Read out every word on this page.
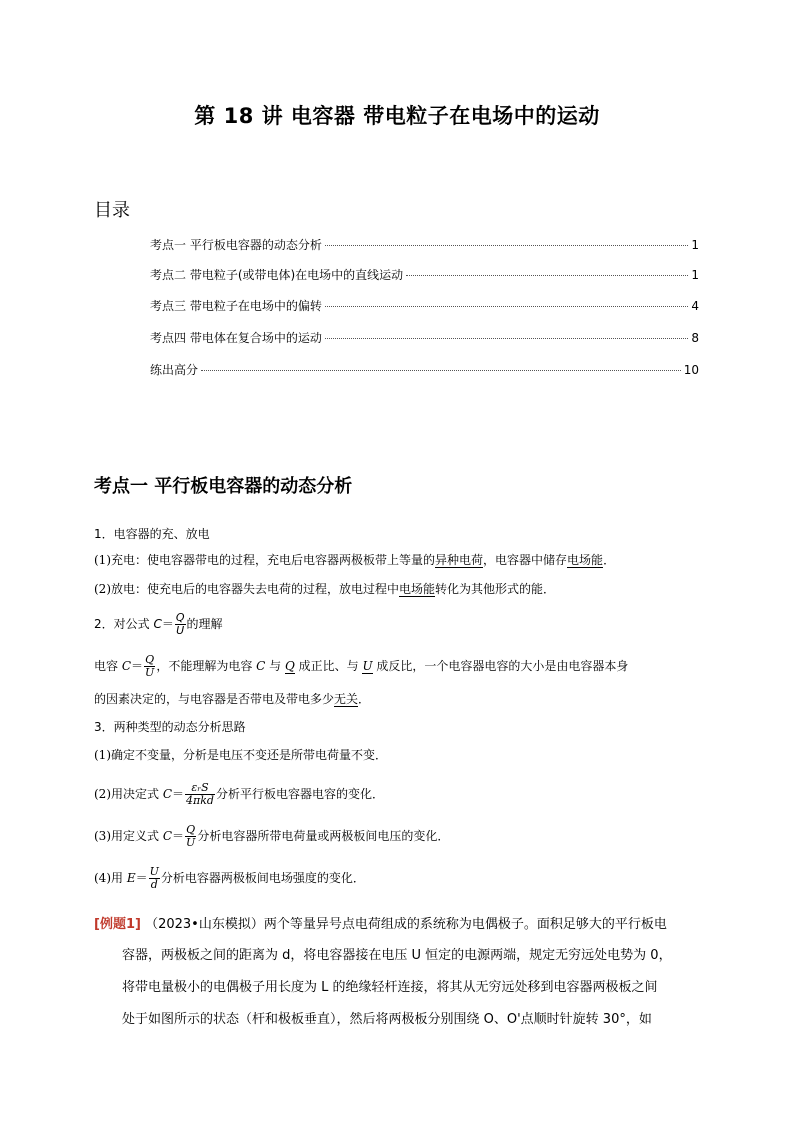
第 18 讲 电容器 带电粒子在电场中的运动
目录
考点一 平行板电容器的动态分析	1
考点二 带电粒子(或带电体)在电场中的直线运动	1
考点三 带电粒子在电场中的偏转	4
考点四 带电体在复合场中的运动	8
练出高分	10
考点一 平行板电容器的动态分析
1．电容器的充、放电
(1)充电：使电容器带电的过程，充电后电容器两极板带上等量的异种电荷，电容器中储存电场能．
(2)放电：使充电后的电容器失去电荷的过程，放电过程中电场能转化为其他形式的能．
2．对公式 $C= \frac{Q}{U}$ 的理解
电容 $C= \frac{Q}{U}$ ，不能理解为电容 C 与 Q 成正比、与 U 成反比，一个电容器电容的大小是由电容器本身
的因素决定的，与电容器是否带电及带电多少无关．
3．两种类型的动态分析思路
(1)确定不变量，分析是电压不变还是所带电荷量不变．
(2)用决定式 $C= \frac{\text{εᵣS}}{\text{4πkd}}$ 分析平行板电容器电容的变化．
(3)用定义式 $C= \frac{Q}{U}$ 分析电容器所带电荷量或两极板间电压的变化．
(4)用 $E= \frac{U}{d}$ 分析电容器两极板间电场强度的变化．
[例题1] （2023•山东模拟）两个等量异号点电荷组成的系统称为电偶极子。面积足够大的平行板电
容器，两极板之间的距离为 d，将电容器接在电压 U 恒定的电源两端，规定无穷远处电势为 0，
将带电量极小的电偶极子用长度为 L 的绝缘轻杆连接，将其从无穷远处移到电容器两极板之间
处于如图所示的状态（杆和极板垂直），然后将两极板分别围绕 O、O'点顺时针旋转 30°，如
